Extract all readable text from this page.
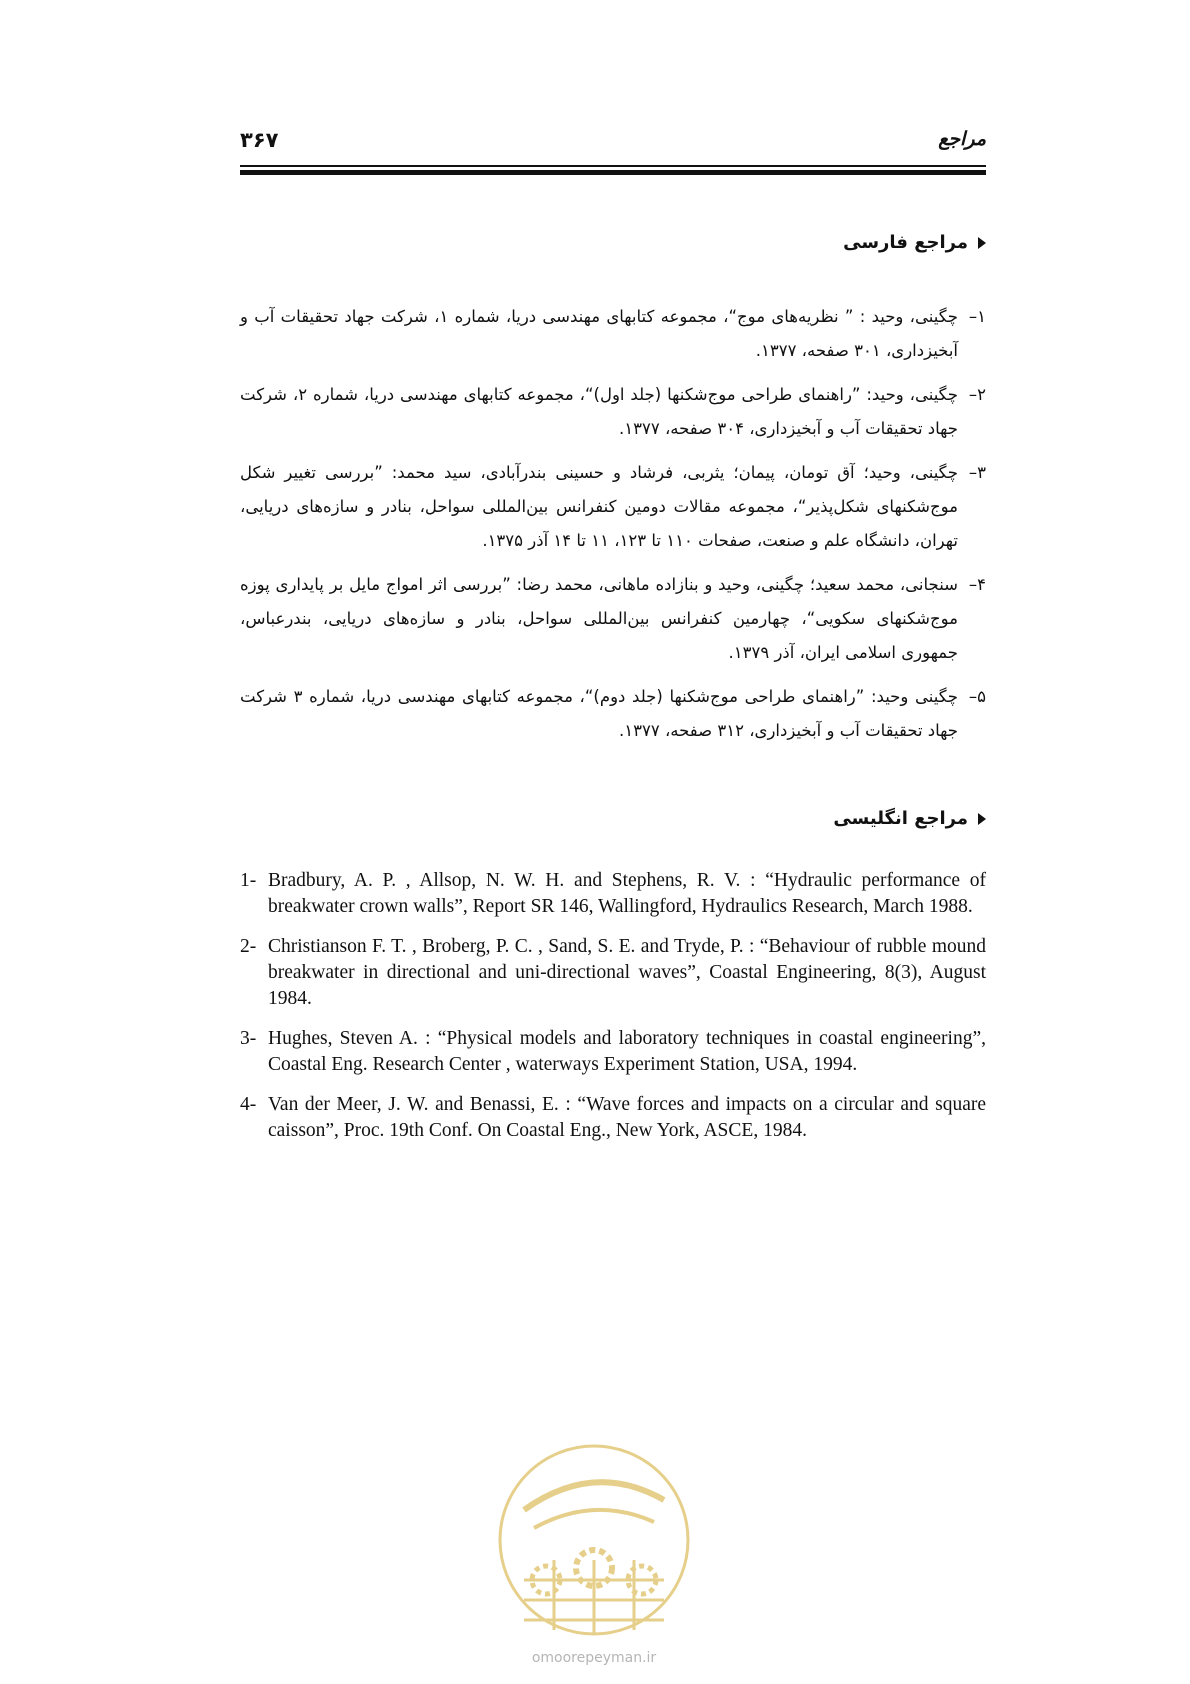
۳۶۷	مراجع
مراجع فارسی
۱–
چگینی، وحید : ” نظریه‌های موج“، مجموعه کتابهای مهندسی دریا، شماره ۱، شرکت جهاد تحقیقات آب و آبخیزداری، ۳۰۱ صفحه، ۱۳۷۷.
۲–
چگینی، وحید: ”راهنمای طراحی موج‌شکنها (جلد اول)“، مجموعه کتابهای مهندسی دریا، شماره ۲، شرکت جهاد تحقیقات آب و آبخیزداری، ۳۰۴ صفحه، ۱۳۷۷.
۳–
چگینی، وحید؛ آق تومان، پیمان؛ یثربی، فرشاد و حسینی بندرآبادی، سید محمد: ”بررسی تغییر شکل موج‌شکنهای شکل‌پذیر“، مجموعه مقالات دومین کنفرانس بین‌المللی سواحل، بنادر و سازه‌های دریایی، تهران، دانشگاه علم و صنعت، صفحات ۱۱۰ تا ۱۲۳، ۱۱ تا ۱۴ آذر ۱۳۷۵.
۴–
سنجانی، محمد سعید؛ چگینی، وحید و بنازاده ماهانی، محمد رضا: ”بررسی اثر امواج مایل بر پایداری پوزه موج‌شکنهای سکویی“، چهارمین کنفرانس بین‌المللی سواحل، بنادر و سازه‌های دریایی، بندرعباس، جمهوری اسلامی ایران، آذر ۱۳۷۹.
۵–
چگینی وحید: ”راهنمای طراحی موج‌شکنها (جلد دوم)“، مجموعه کتابهای مهندسی دریا، شماره ۳ شرکت جهاد تحقیقات آب و آبخیزداری، ۳۱۲ صفحه، ۱۳۷۷.
مراجع انگلیسی
1- Bradbury, A. P. , Allsop, N. W. H. and Stephens, R. V. : “Hydraulic performance of breakwater crown walls”, Report SR 146, Wallingford, Hydraulics Research, March 1988.
2- Christianson F. T. , Broberg, P. C. , Sand, S. E. and Tryde, P. : “Behaviour of rubble mound breakwater in directional and uni-directional waves”, Coastal Engineering, 8(3), August 1984.
3- Hughes, Steven A. : “Physical models and laboratory techniques in coastal engineering”, Coastal Eng. Research Center , waterways Experiment Station, USA, 1994.
4- Van der Meer, J. W. and Benassi, E. : “Wave forces and impacts on a circular and square caisson”, Proc. 19th Conf. On Coastal Eng., New York, ASCE, 1984.
omoorepeyman.ir
